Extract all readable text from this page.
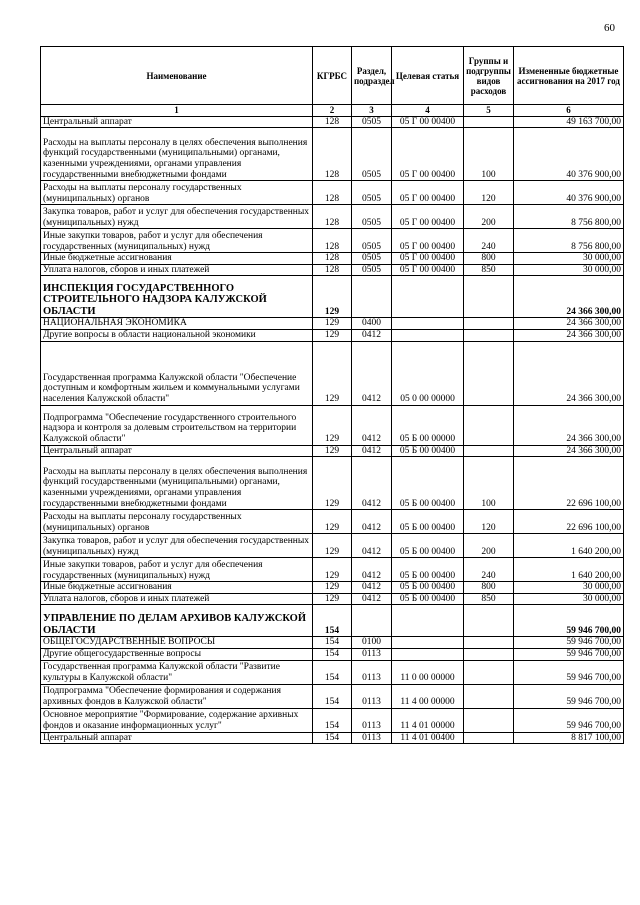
60
Наименование	КГРБС	Раздел, подраздел	Целевая статья	Группы и подгруппы видов расходов	Измененные бюджетные ассигнования на 2017 год
1	2	3	4	5	6
Центральный аппарат	128	0505	05 Г 00 00400		49 163 700,00
Расходы на выплаты персоналу в целях обеспечения выполнения функций государственными (муниципальными) органами, казенными учреждениями, органами управления государственными внебюджетными фондами	128	0505	05 Г 00 00400	100	40 376 900,00
Расходы на выплаты персоналу государственных (муниципальных) органов	128	0505	05 Г 00 00400	120	40 376 900,00
Закупка товаров, работ и услуг для обеспечения государственных (муниципальных) нужд	128	0505	05 Г 00 00400	200	8 756 800,00
Иные закупки товаров, работ и услуг для обеспечения государственных (муниципальных) нужд	128	0505	05 Г 00 00400	240	8 756 800,00
Иные бюджетные ассигнования	128	0505	05 Г 00 00400	800	30 000,00
Уплата налогов, сборов и иных платежей	128	0505	05 Г 00 00400	850	30 000,00
ИНСПЕКЦИЯ ГОСУДАРСТВЕННОГО СТРОИТЕЛЬНОГО НАДЗОРА КАЛУЖСКОЙ ОБЛАСТИ	129				24 366 300,00
НАЦИОНАЛЬНАЯ ЭКОНОМИКА	129	0400			24 366 300,00
Другие вопросы в области национальной экономики	129	0412			24 366 300,00
Государственная программа Калужской области "Обеспечение доступным и комфортным жильем и коммунальными услугами населения Калужской области"	129	0412	05 0 00 00000		24 366 300,00
Подпрограмма "Обеспечение государственного строительного надзора и контроля за долевым строительством на территории Калужской области"	129	0412	05 Б 00 00000		24 366 300,00
Центральный аппарат	129	0412	05 Б 00 00400		24 366 300,00
Расходы на выплаты персоналу в целях обеспечения выполнения функций государственными (муниципальными) органами, казенными учреждениями, органами управления государственными внебюджетными фондами	129	0412	05 Б 00 00400	100	22 696 100,00
Расходы на выплаты персоналу государственных (муниципальных) органов	129	0412	05 Б 00 00400	120	22 696 100,00
Закупка товаров, работ и услуг для обеспечения государственных (муниципальных) нужд	129	0412	05 Б 00 00400	200	1 640 200,00
Иные закупки товаров, работ и услуг для обеспечения государственных (муниципальных) нужд	129	0412	05 Б 00 00400	240	1 640 200,00
Иные бюджетные ассигнования	129	0412	05 Б 00 00400	800	30 000,00
Уплата налогов, сборов и иных платежей	129	0412	05 Б 00 00400	850	30 000,00
УПРАВЛЕНИЕ ПО ДЕЛАМ АРХИВОВ КАЛУЖСКОЙ ОБЛАСТИ	154				59 946 700,00
ОБЩЕГОСУДАРСТВЕННЫЕ ВОПРОСЫ	154	0100			59 946 700,00
Другие общегосударственные вопросы	154	0113			59 946 700,00
Государственная программа Калужской области "Развитие культуры в Калужской области"	154	0113	11 0 00 00000		59 946 700,00
Подпрограмма "Обеспечение формирования и содержания архивных фондов в Калужской области"	154	0113	11 4 00 00000		59 946 700,00
Основное мероприятие "Формирование, содержание архивных фондов и оказание информационных услуг"	154	0113	11 4 01 00000		59 946 700,00
Центральный аппарат	154	0113	11 4 01 00400		8 817 100,00
